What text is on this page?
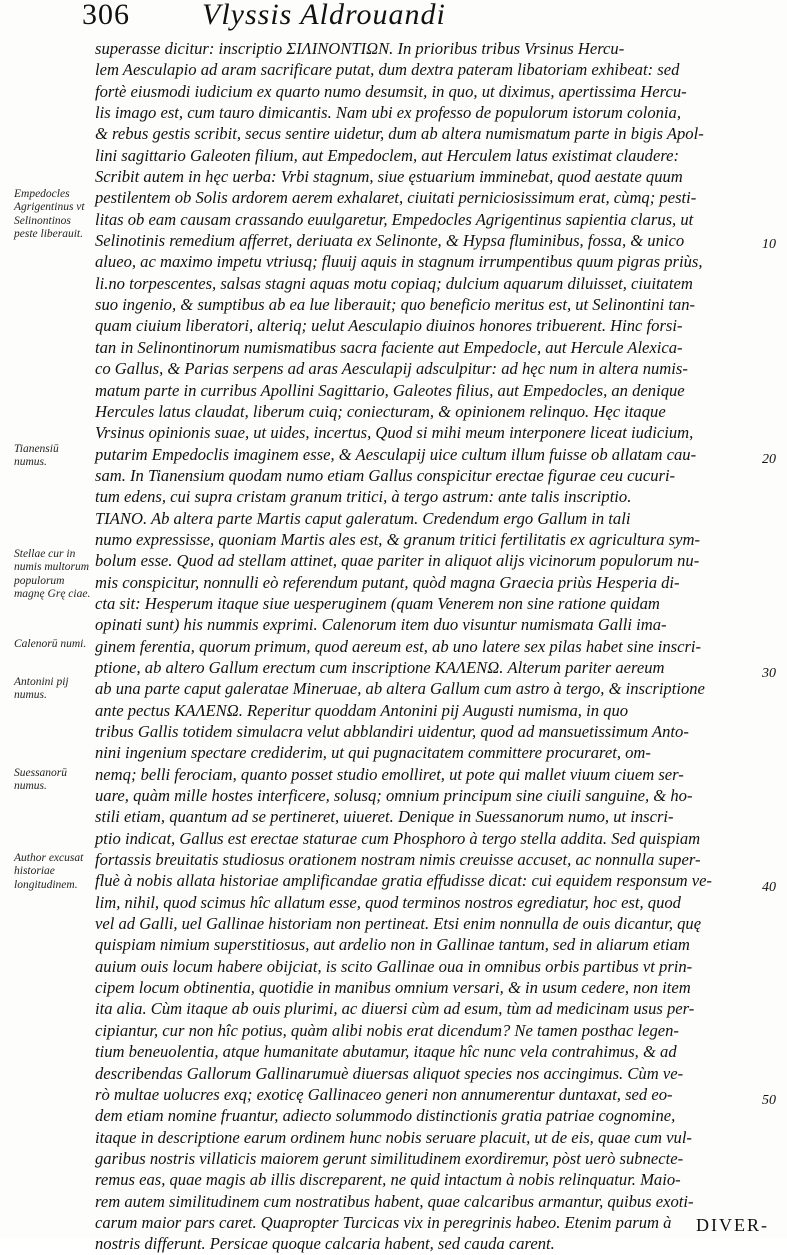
306 Vlyssis Aldrouandi
superasse dicitur: inscriptio ΣΙΛΙΝΟΝΤΙΩΝ. In prioribus tribus Vrsinus Hercu-
lem Aesculapio ad aram sacrificare putat, dum dextra pateram libatoriam exhibeat: sed
fortè eiusmodi iudicium ex quarto numo desumsit, in quo, ut diximus, apertissima Hercu-
lis imago est, cum tauro dimicantis. Nam ubi ex professo de populorum istorum colonia,
& rebus gestis scribit, secus sentire uidetur, dum ab altera numismatum parte in bigis Apol-
lini sagittario Galeoten filium, aut Empedoclem, aut Herculem latus existimat claudere:
Scribit autem in hęc uerba: Vrbi stagnum, siue ęstuarium imminebat, quod aestate quum
pestilentem ob Solis ardorem aerem exhalaret, ciuitati perniciosissimum erat, cùmq; pesti-
litas ob eam causam crassando euulgaretur, Empedocles Agrigentinus sapientia clarus, ut
Selinotinis remedium afferret, deriuata ex Selinonte, & Hypsa fluminibus, fossa, & unico
alueo, ac maximo impetu vtriusq; fluuij aquis in stagnum irrumpentibus quum pigras priùs,
li.no torpescentes, salsas stagni aquas motu copiaq; dulcium aquarum diluisset, ciuitatem
suo ingenio, & sumptibus ab ea lue liberauit; quo beneficio meritus est, ut Selinontini tan-
quam ciuium liberatori, alteriq; uelut Aesculapio diuinos honores tribuerent. Hinc forsi-
tan in Selinontinorum numismatibus sacra faciente aut Empedocle, aut Hercule Alexica-
co Gallus, & Parias serpens ad aras Aesculapij adsculpitur: ad hęc num in altera numis-
matum parte in curribus Apollini Sagittario, Galeotes filius, aut Empedocles, an denique
Hercules latus claudat, liberum cuiq; coniecturam, & opinionem relinquo. Hęc itaque
Vrsinus opinionis suae, ut uides, incertus, Quod si mihi meum interponere liceat iudicium,
putarim Empedoclis imaginem esse, & Aesculapij uice cultum illum fuisse ob allatam cau-
sam. In Tianensium quodam numo etiam Gallus conspicitur erectae figurae ceu cucuri-
tum edens, cui supra cristam granum tritici, à tergo astrum: ante talis inscriptio.
TIANO. Ab altera parte Martis caput galeratum. Credendum ergo Gallum in tali
numo expressisse, quoniam Martis ales est, & granum tritici fertilitatis ex agricultura sym-
bolum esse. Quod ad stellam attinet, quae pariter in aliquot alijs vicinorum populorum nu-
mis conspicitur, nonnulli eò referendum putant, quòd magna Graecia priùs Hesperia di-
cta sit: Hesperum itaque siue uesperuginem (quam Venerem non sine ratione quidam
opinati sunt) his nummis exprimi. Calenorum item duo visuntur numismata Galli ima-
ginem ferentia, quorum primum, quod aereum est, ab uno latere sex pilas habet sine inscri-
ptione, ab altero Gallum erectum cum inscriptione ΚΑΛΕΝΩ. Alterum pariter aereum
ab una parte caput galeratae Mineruae, ab altera Gallum cum astro à tergo, & inscriptione
ante pectus ΚΑΛΕΝΩ. Reperitur quoddam Antonini pij Augusti numisma, in quo
tribus Gallis totidem simulacra velut abblandiri uidentur, quod ad mansuetissimum Anto-
nini ingenium spectare crediderim, ut qui pugnacitatem committere procuraret, om-
nemq; belli ferociam, quanto posset studio emolliret, ut pote qui mallet viuum ciuem ser-
uare, quàm mille hostes interficere, solusq; omnium principum sine ciuili sanguine, & ho-
stili etiam, quantum ad se pertineret, uiueret. Denique in Suessanorum numo, ut inscri-
ptio indicat, Gallus est erectae staturae cum Phosphoro à tergo stella addita. Sed quispiam
fortassis breuitatis studiosus orationem nostram nimis creuisse accuset, ac nonnulla super-
fluè à nobis allata historiae amplificandae gratia effudisse dicat: cui equidem responsum ve-
lim, nihil, quod scimus hîc allatum esse, quod terminos nostros egrediatur, hoc est, quod
vel ad Galli, uel Gallinae historiam non pertineat. Etsi enim nonnulla de ouis dicantur, quę
quispiam nimium superstitiosus, aut ardelio non in Gallinae tantum, sed in aliarum etiam
auium ouis locum habere obijciat, is scito Gallinae oua in omnibus orbis partibus vt prin-
cipem locum obtinentia, quotidie in manibus omnium versari, & in usum cedere, non item
ita alia. Cùm itaque ab ouis plurimi, ac diuersi cùm ad esum, tùm ad medicinam usus per-
cipiantur, cur non hîc potius, quàm alibi nobis erat dicendum? Ne tamen posthac legen-
tium beneuolentia, atque humanitate abutamur, itaque hîc nunc vela contrahimus, & ad
describendas Gallorum Gallinarumuè diuersas aliquot species nos accingimus. Cùm ve-
rò multae uolucres exq; exoticę Gallinaceo generi non annumerentur duntaxat, sed eo-
dem etiam nomine fruantur, adiecto solummodo distinctionis gratia patriae cognomine,
itaque in descriptione earum ordinem hunc nobis seruare placuit, ut de eis, quae cum vul-
garibus nostris villaticis maiorem gerunt similitudinem exordiremur, pòst uerò subnecte-
remus eas, quae magis ab illis discreparent, ne quid intactum à nobis relinquatur. Maio-
rem autem similitudinem cum nostratibus habent, quae calcaribus armantur, quibus exoti-
carum maior pars caret. Quapropter Turcicas vix in peregrinis habeo. Etenim parum à
nostris differunt. Persicae quoque calcaria habent, sed cauda carent.
Empedocles Agrigentinus vt Selinontinos peste liberauit.
Tianensiū numus.
Stellae cur in numis multorum populorum magnę Grę ciae.
Calenorū numi.
Antonini pij numus.
Suessanorū numus.
Author excusat historiae longitudinem.
10
20
30
40
50
DIVER-
